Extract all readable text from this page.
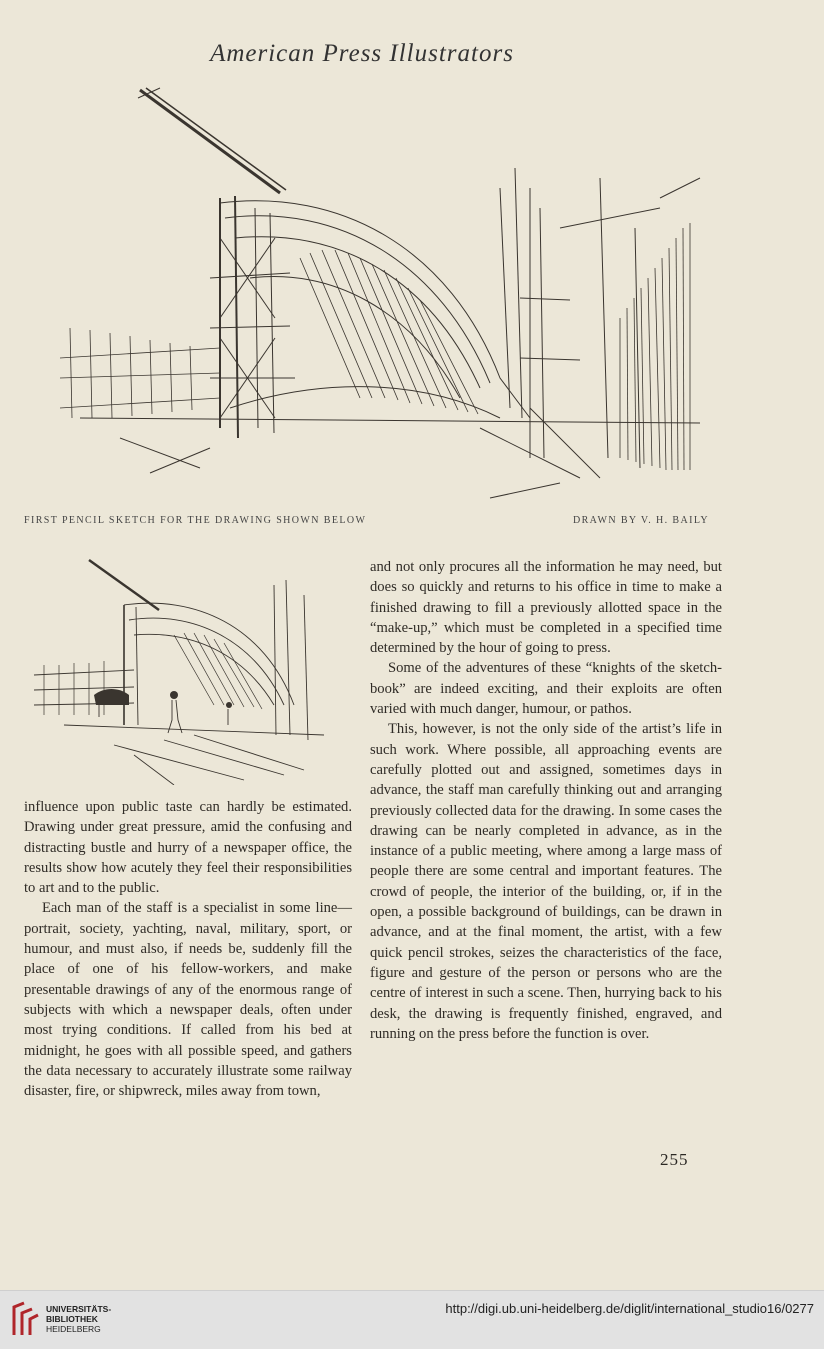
American Press Illustrators
FIRST PENCIL SKETCH FOR THE DRAWING SHOWN BELOW	DRAWN BY V. H. BAILY

influence upon public taste can hardly be estimated. Drawing under great pressure, amid the confusing and distracting bustle and hurry of a newspaper office, the results show how acutely they feel their responsibilities to art and to the public.

Each man of the staff is a specialist in some line—portrait, society, yachting, naval, military, sport, or humour, and must also, if needs be, suddenly fill the place of one of his fellow-workers, and make presentable drawings of any of the enormous range of subjects with which a newspaper deals, often under most trying conditions. If called from his bed at midnight, he goes with all possible speed, and gathers the data necessary to accurately illustrate some railway disaster, fire, or shipwreck, miles away from town,

and not only procures all the information he may need, but does so quickly and returns to his office in time to make a finished drawing to fill a previously allotted space in the “make-up,” which must be completed in a specified time determined by the hour of going to press.

Some of the adventures of these “knights of the sketch-book” are indeed exciting, and their exploits are often varied with much danger, humour, or pathos.

This, however, is not the only side of the artist’s life in such work. Where possible, all approaching events are carefully plotted out and assigned, sometimes days in advance, the staff man carefully thinking out and arranging previously collected data for the drawing. In some cases the drawing can be nearly completed in advance, as in the instance of a public meeting, where among a large mass of people there are some central and important features. The crowd of people, the interior of the building, or, if in the open, a possible background of buildings, can be drawn in advance, and at the final moment, the artist, with a few quick pencil strokes, seizes the characteristics of the face, figure and gesture of the person or persons who are the centre of interest in such a scene. Then, hurrying back to his desk, the drawing is frequently finished, engraved, and running on the press before the function is over.

255
UNIVERSITÄTS-
BIBLIOTHEK
HEIDELBERG
http://digi.ub.uni-heidelberg.de/diglit/international_studio16/0277
